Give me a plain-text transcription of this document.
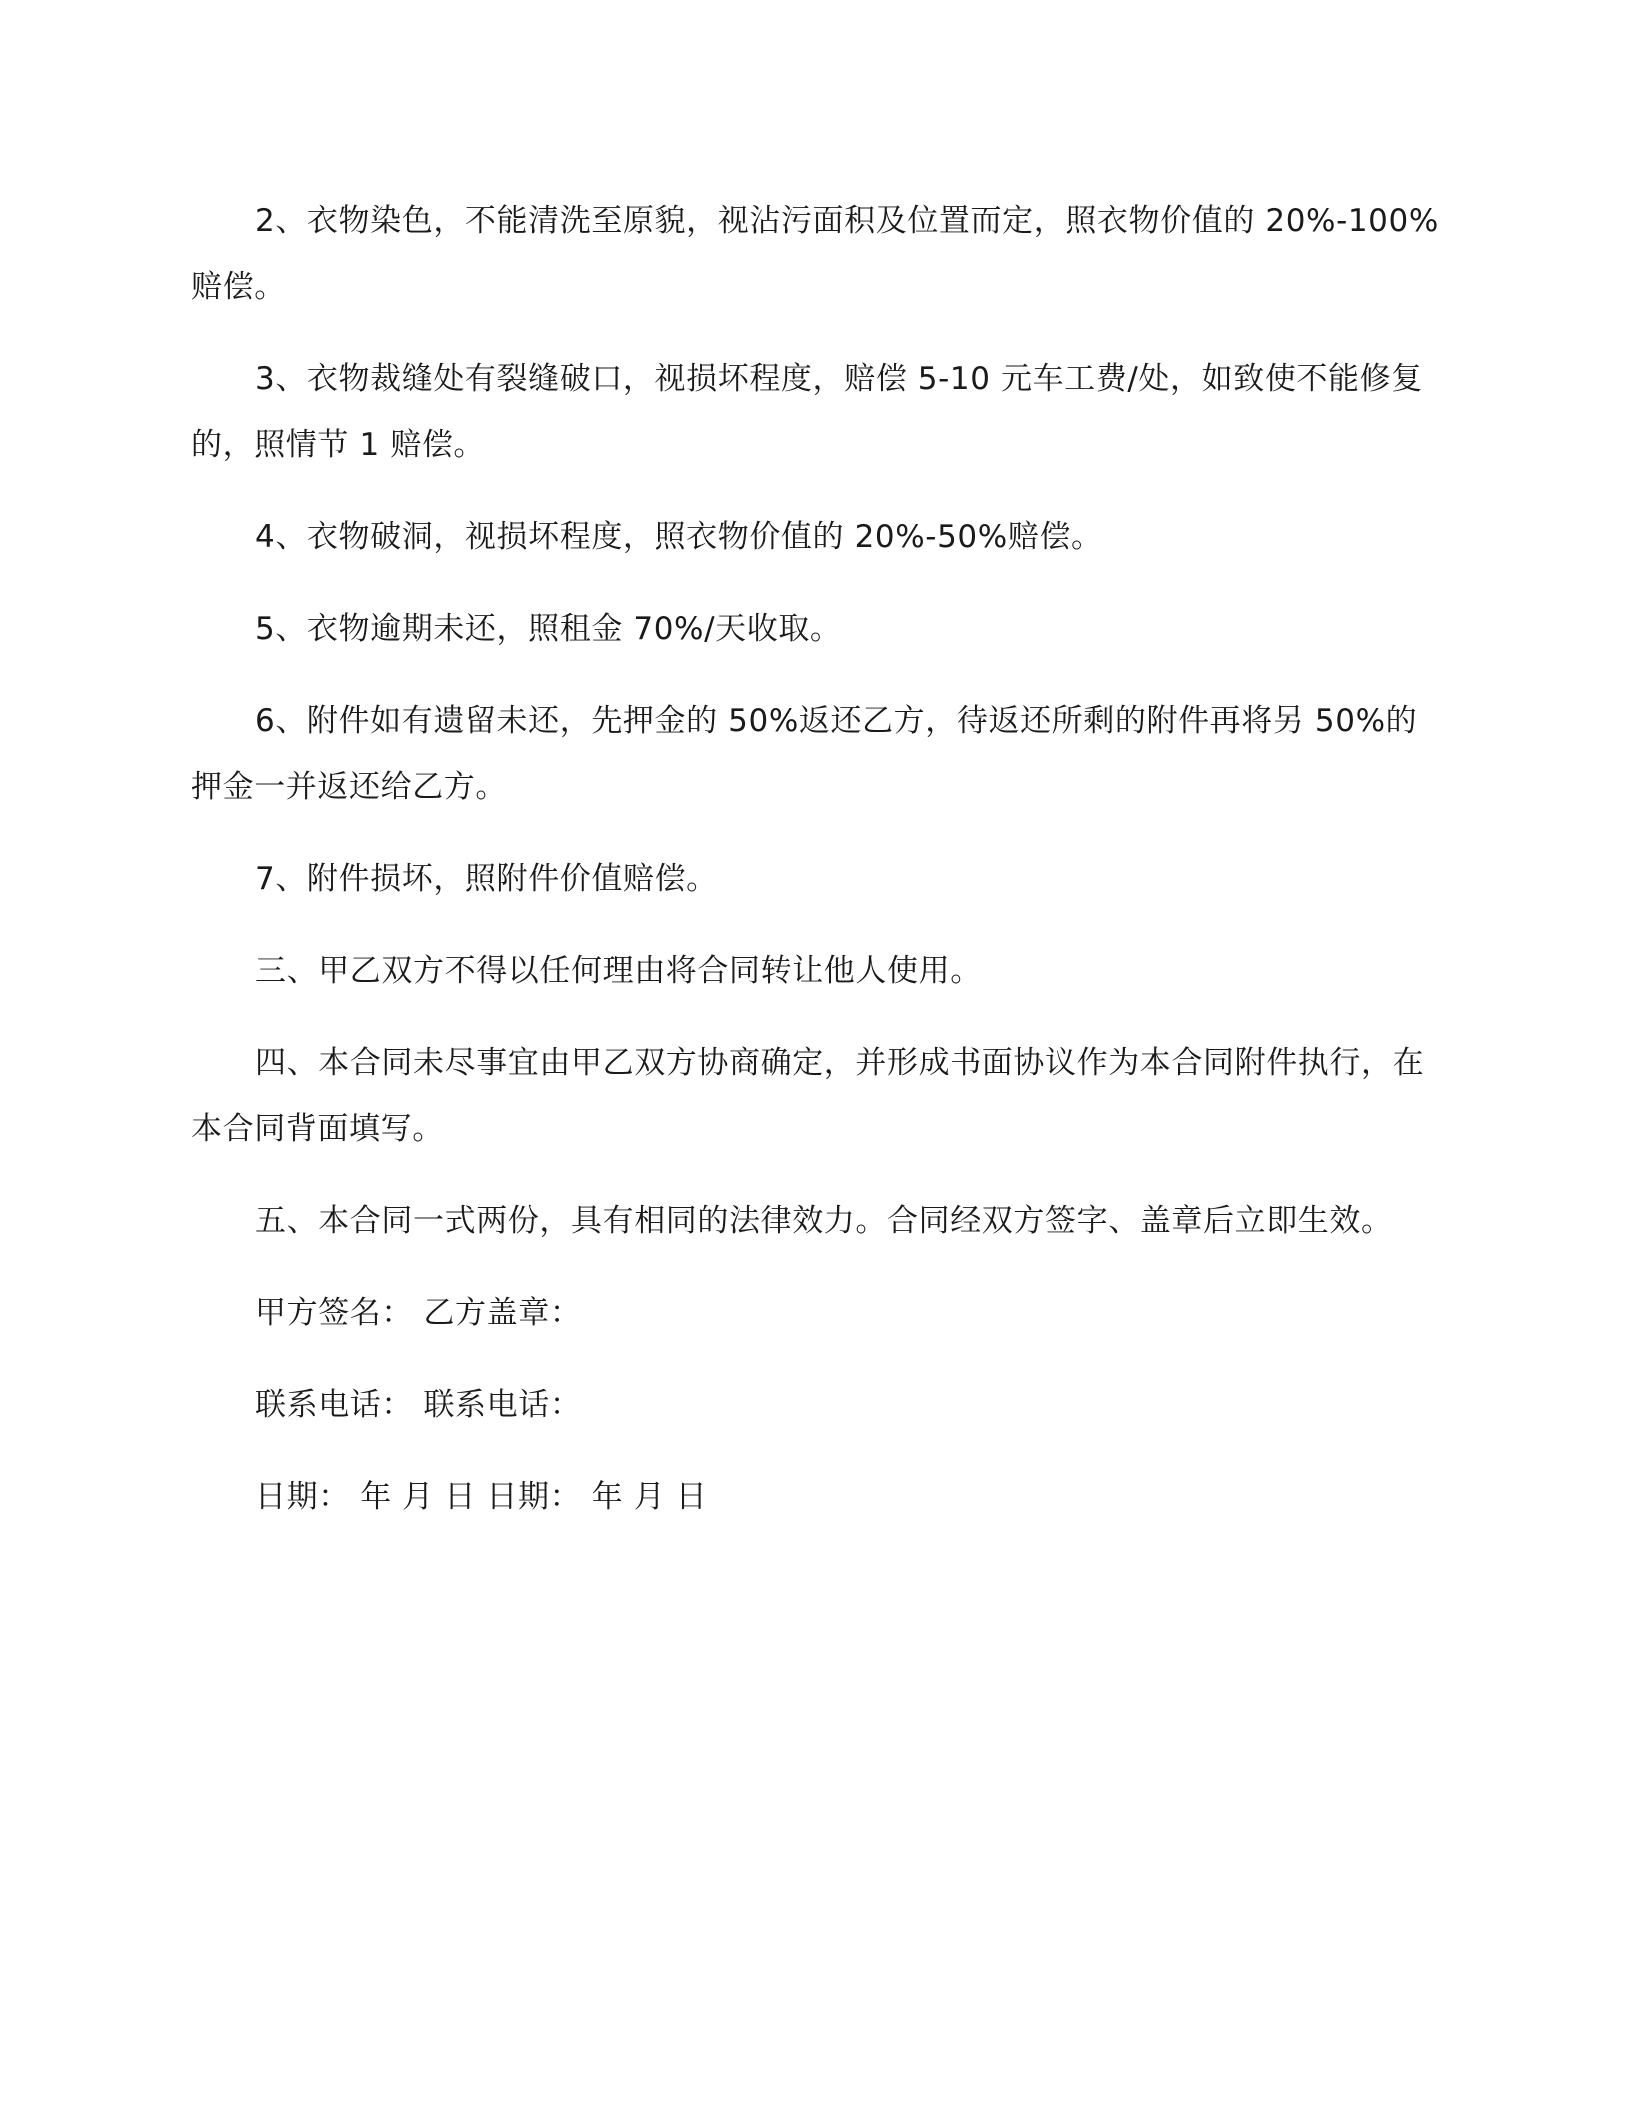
2、衣物染色，不能清洗至原貌，视沾污面积及位置而定，照衣物价值的 20%-100%赔偿。

3、衣物裁缝处有裂缝破口，视损坏程度，赔偿 5-10 元车工费/处，如致使不能修复的，照情节 1 赔偿。

4、衣物破洞，视损坏程度，照衣物价值的 20%-50%赔偿。

5、衣物逾期未还，照租金 70%/天收取。

6、附件如有遗留未还，先押金的 50%返还乙方，待返还所剩的附件再将另 50%的押金一并返还给乙方。

7、附件损坏，照附件价值赔偿。

三、甲乙双方不得以任何理由将合同转让他人使用。

四、本合同未尽事宜由甲乙双方协商确定，并形成书面协议作为本合同附件执行，在本合同背面填写。

五、本合同一式两份，具有相同的法律效力。合同经双方签字、盖章后立即生效。

甲方签名： 乙方盖章：

联系电话： 联系电话：

日期： 年 月 日 日期： 年 月 日
